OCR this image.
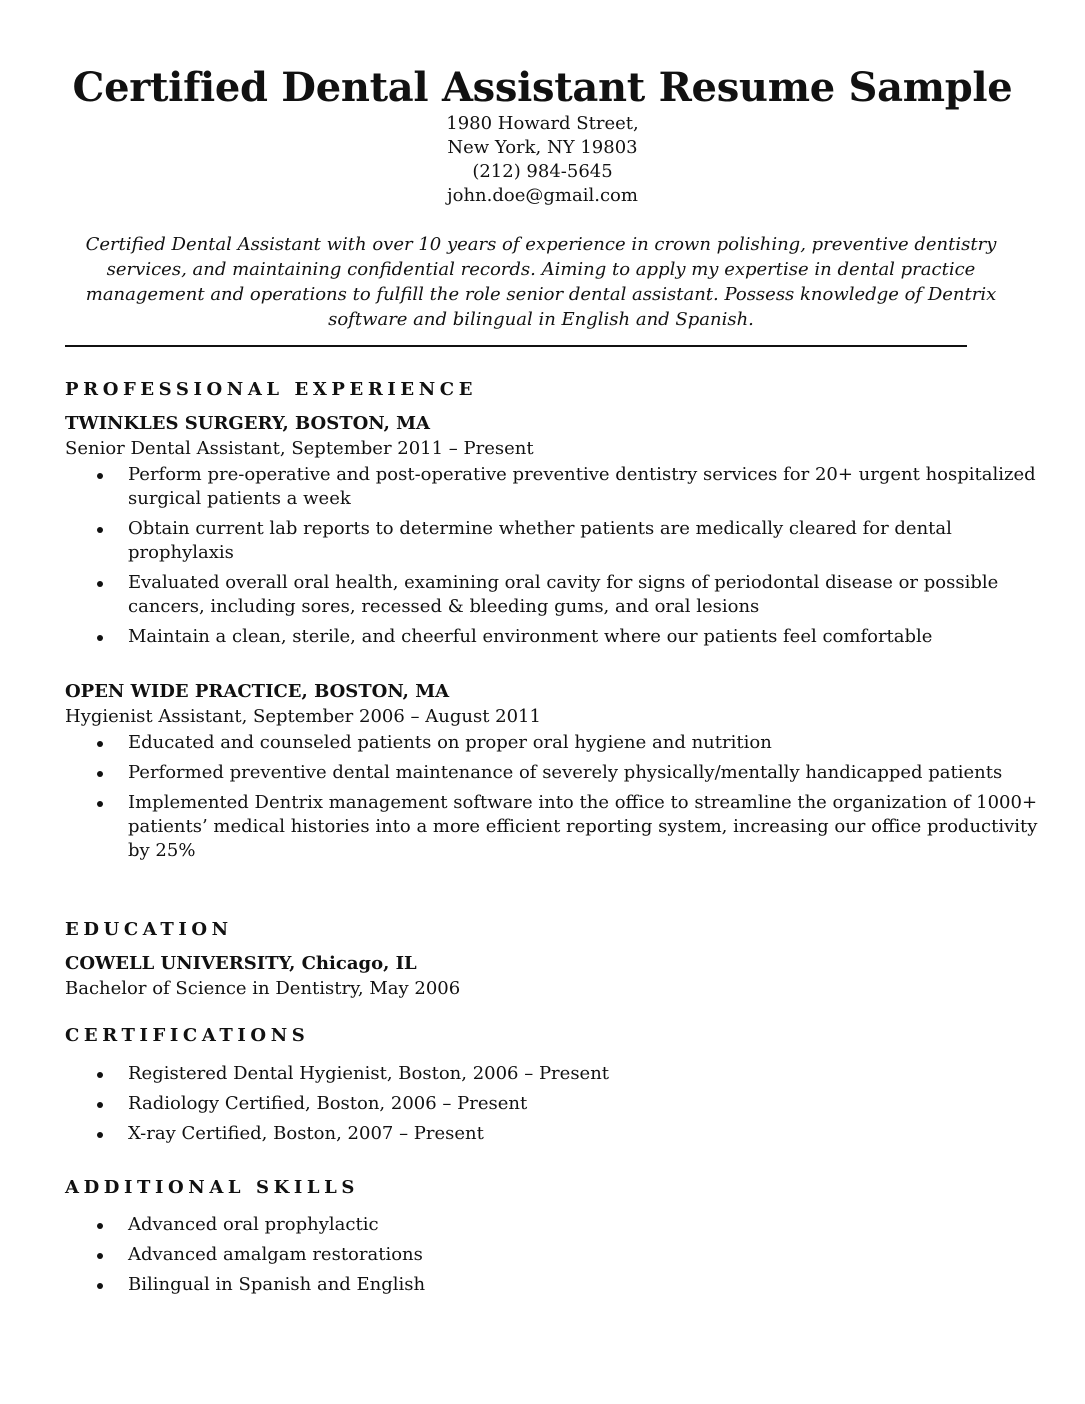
Certified Dental Assistant Resume Sample
1980 Howard Street,
New York, NY 19803
(212) 984-5645
john.doe@gmail.com

Certified Dental Assistant with over 10 years of experience in crown polishing, preventive dentistry services, and maintaining confidential records. Aiming to apply my expertise in dental practice management and operations to fulfill the role senior dental assistant. Possess knowledge of Dentrix software and bilingual in English and Spanish.

PROFESSIONAL EXPERIENCE
TWINKLES SURGERY, BOSTON, MA
Senior Dental Assistant, September 2011 – Present
Perform pre-operative and post-operative preventive dentistry services for 20+ urgent hospitalized surgical patients a week
Obtain current lab reports to determine whether patients are medically cleared for dental prophylaxis
Evaluated overall oral health, examining oral cavity for signs of periodontal disease or possible cancers, including sores, recessed & bleeding gums, and oral lesions
Maintain a clean, sterile, and cheerful environment where our patients feel comfortable
OPEN WIDE PRACTICE, BOSTON, MA
Hygienist Assistant, September 2006 – August 2011
Educated and counseled patients on proper oral hygiene and nutrition
Performed preventive dental maintenance of severely physically/mentally handicapped patients
Implemented Dentrix management software into the office to streamline the organization of 1000+ patients’ medical histories into a more efficient reporting system, increasing our office productivity by 25%
EDUCATION
COWELL UNIVERSITY, Chicago, IL
Bachelor of Science in Dentistry, May 2006
CERTIFICATIONS
Registered Dental Hygienist, Boston, 2006 – Present
Radiology Certified, Boston, 2006 – Present
X-ray Certified, Boston, 2007 – Present
ADDITIONAL SKILLS
Advanced oral prophylactic
Advanced amalgam restorations
Bilingual in Spanish and English
